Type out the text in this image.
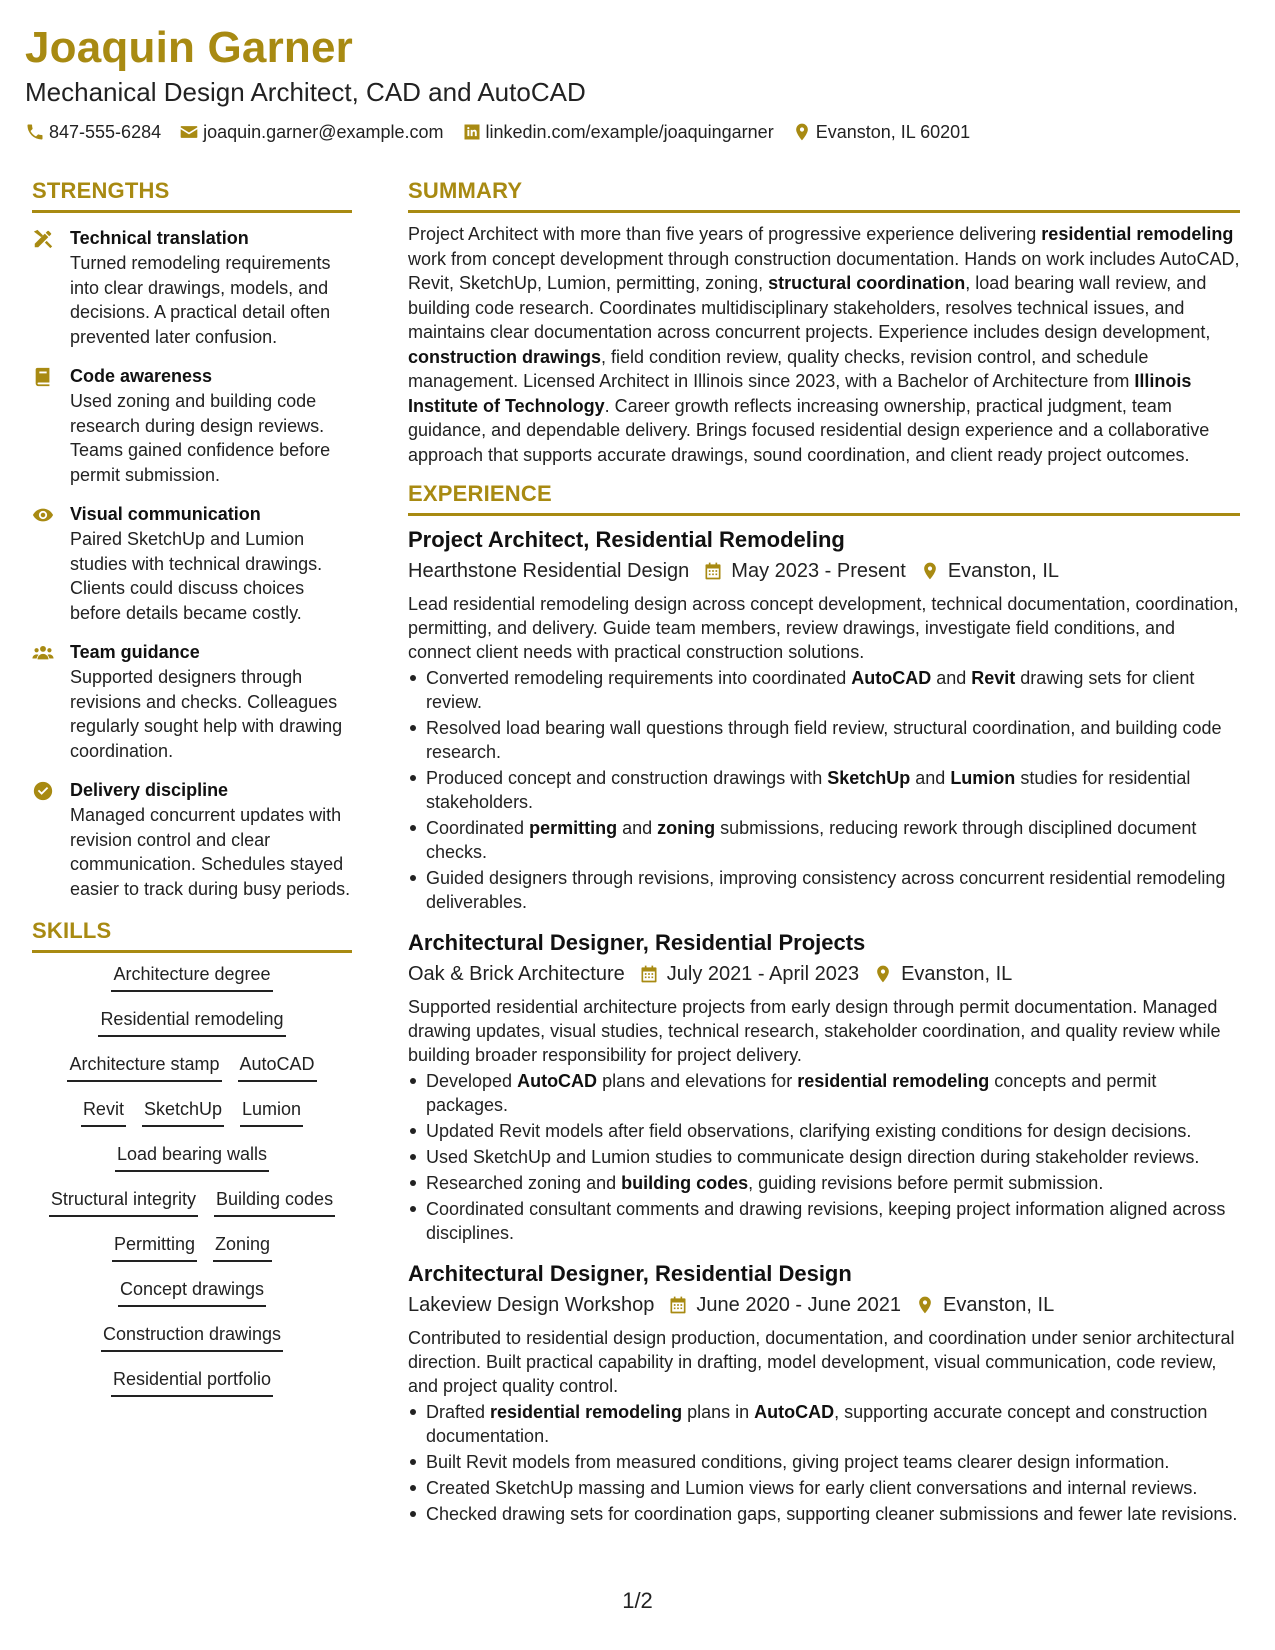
Joaquin Garner
Mechanical Design Architect, CAD and AutoCAD
847-555-6284 joaquin.garner@example.com linkedin.com/example/joaquingarner Evanston, IL 60201
STRENGTHS
Technical translation
Turned remodeling requirements into clear drawings, models, and decisions. A practical detail often prevented later confusion.
Code awareness
Used zoning and building code research during design reviews. Teams gained confidence before permit submission.
Visual communication
Paired SketchUp and Lumion studies with technical drawings. Clients could discuss choices before details became costly.
Team guidance
Supported designers through revisions and checks. Colleagues regularly sought help with drawing coordination.
Delivery discipline
Managed concurrent updates with revision control and clear communication. Schedules stayed easier to track during busy periods.
SKILLS
Architecture degree
Residential remodeling
Architecture stamp AutoCAD
Revit SketchUp Lumion
Load bearing walls
Structural integrity Building codes
Permitting Zoning
Concept drawings
Construction drawings
Residential portfolio
SUMMARY
Project Architect with more than five years of progressive experience delivering residential remodeling work from concept development through construction documentation. Hands on work includes AutoCAD, Revit, SketchUp, Lumion, permitting, zoning, structural coordination, load bearing wall review, and building code research. Coordinates multidisciplinary stakeholders, resolves technical issues, and maintains clear documentation across concurrent projects. Experience includes design development, construction drawings, field condition review, quality checks, revision control, and schedule management. Licensed Architect in Illinois since 2023, with a Bachelor of Architecture from Illinois Institute of Technology. Career growth reflects increasing ownership, practical judgment, team guidance, and dependable delivery. Brings focused residential design experience and a collaborative approach that supports accurate drawings, sound coordination, and client ready project outcomes.
EXPERIENCE
Project Architect, Residential Remodeling
Hearthstone Residential Design May 2023 - Present Evanston, IL
Lead residential remodeling design across concept development, technical documentation, coordination, permitting, and delivery. Guide team members, review drawings, investigate field conditions, and connect client needs with practical construction solutions.
Converted remodeling requirements into coordinated AutoCAD and Revit drawing sets for client review.
Resolved load bearing wall questions through field review, structural coordination, and building code research.
Produced concept and construction drawings with SketchUp and Lumion studies for residential stakeholders.
Coordinated permitting and zoning submissions, reducing rework through disciplined document checks.
Guided designers through revisions, improving consistency across concurrent residential remodeling deliverables.
Architectural Designer, Residential Projects
Oak & Brick Architecture July 2021 - April 2023 Evanston, IL
Supported residential architecture projects from early design through permit documentation. Managed drawing updates, visual studies, technical research, stakeholder coordination, and quality review while building broader responsibility for project delivery.
Developed AutoCAD plans and elevations for residential remodeling concepts and permit packages.
Updated Revit models after field observations, clarifying existing conditions for design decisions.
Used SketchUp and Lumion studies to communicate design direction during stakeholder reviews.
Researched zoning and building codes, guiding revisions before permit submission.
Coordinated consultant comments and drawing revisions, keeping project information aligned across disciplines.
Architectural Designer, Residential Design
Lakeview Design Workshop June 2020 - June 2021 Evanston, IL
Contributed to residential design production, documentation, and coordination under senior architectural direction. Built practical capability in drafting, model development, visual communication, code review, and project quality control.
Drafted residential remodeling plans in AutoCAD, supporting accurate concept and construction documentation.
Built Revit models from measured conditions, giving project teams clearer design information.
Created SketchUp massing and Lumion views for early client conversations and internal reviews.
Checked drawing sets for coordination gaps, supporting cleaner submissions and fewer late revisions.
1/2
